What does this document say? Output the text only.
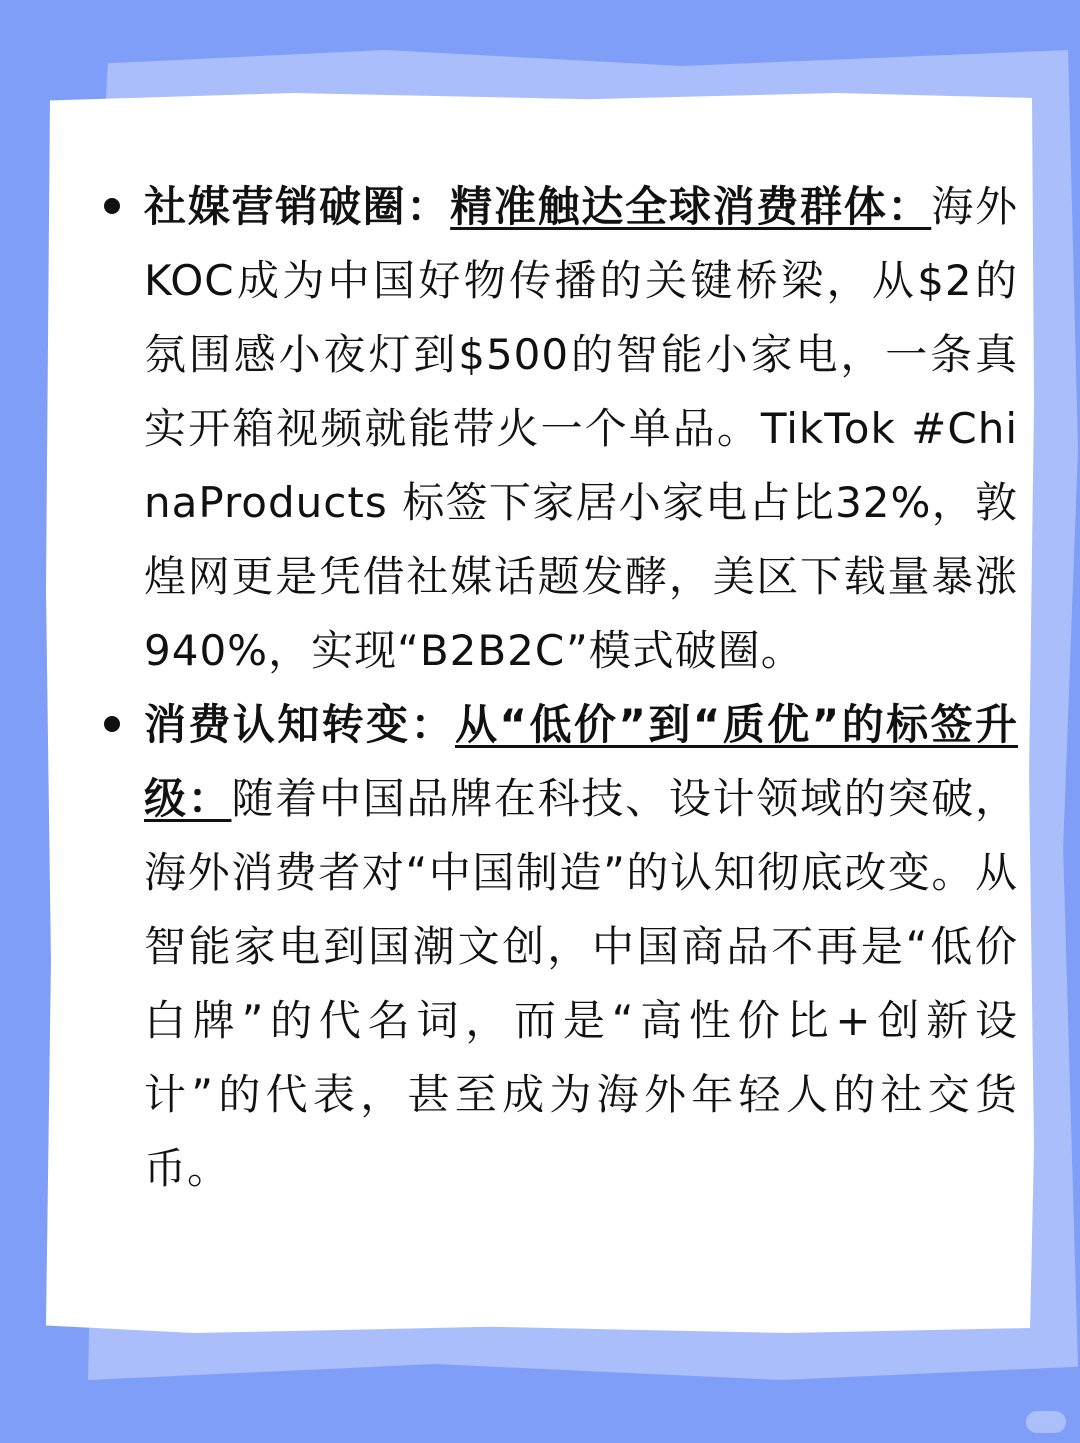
社媒营销破圈：精准触达全球消费群体：海外KOC成为中国好物传播的关键桥梁，从$2的氛围感小夜灯到$500的智能小家电，一条真实开箱视频就能带火一个单品。TikTok #ChinaProducts 标签下家居小家电占比32%，敦煌网更是凭借社媒话题发酵，美区下载量暴涨940%，实现“B2B2C”模式破圈。
消费认知转变：从“低价”到“质优”的标签升级：随着中国品牌在科技、设计领域的突破，海外消费者对“中国制造”的认知彻底改变。从智能家电到国潮文创，中国商品不再是“低价白牌”的代名词，而是“高性价比+创新设计”的代表，甚至成为海外年轻人的社交货币。
